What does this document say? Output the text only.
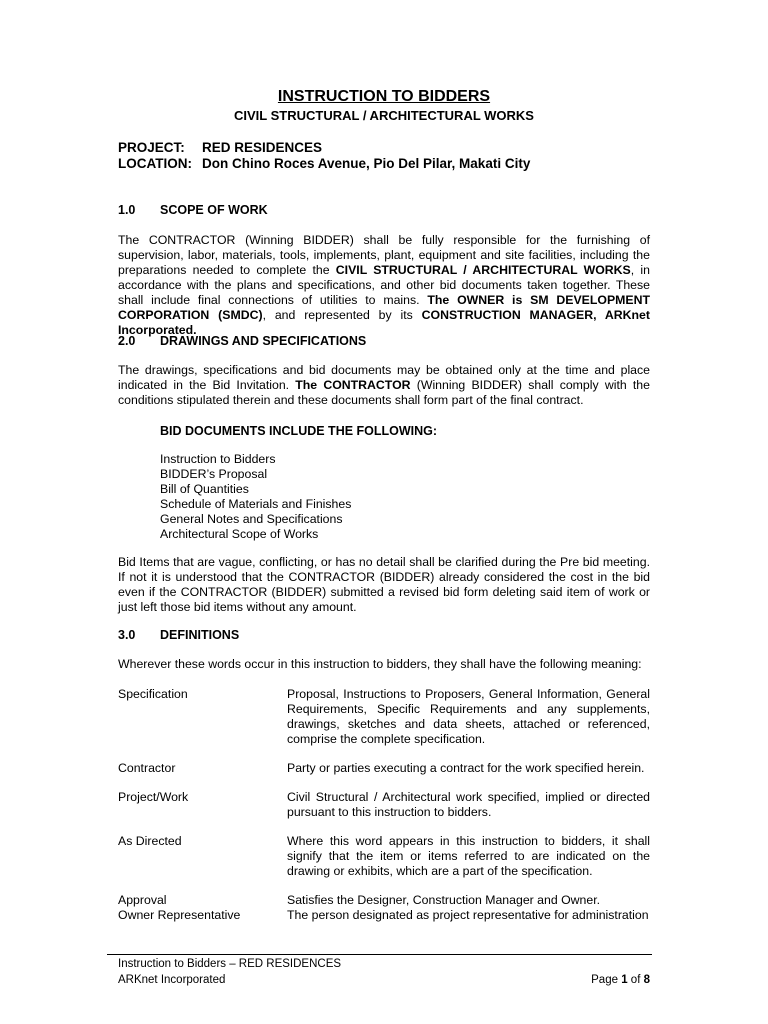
INSTRUCTION TO BIDDERS
CIVIL STRUCTURAL / ARCHITECTURAL WORKS
PROJECT: RED RESIDENCES
LOCATION: Don Chino Roces Avenue, Pio Del Pilar, Makati City
1.0 SCOPE OF WORK
The CONTRACTOR (Winning BIDDER) shall be fully responsible for the furnishing of supervision, labor, materials, tools, implements, plant, equipment and site facilities, including the preparations needed to complete the CIVIL STRUCTURAL / ARCHITECTURAL WORKS, in accordance with the plans and specifications, and other bid documents taken together. These shall include final connections of utilities to mains. The OWNER is SM DEVELOPMENT CORPORATION (SMDC), and represented by its CONSTRUCTION MANAGER, ARKnet Incorporated.
2.0 DRAWINGS AND SPECIFICATIONS
The drawings, specifications and bid documents may be obtained only at the time and place indicated in the Bid Invitation. The CONTRACTOR (Winning BIDDER) shall comply with the conditions stipulated therein and these documents shall form part of the final contract.
BID DOCUMENTS INCLUDE THE FOLLOWING:
Instruction to Bidders
BIDDER’s Proposal
Bill of Quantities
Schedule of Materials and Finishes
General Notes and Specifications
Architectural Scope of Works
Bid Items that are vague, conflicting, or has no detail shall be clarified during the Pre bid meeting. If not it is understood that the CONTRACTOR (BIDDER) already considered the cost in the bid even if the CONTRACTOR (BIDDER) submitted a revised bid form deleting said item of work or just left those bid items without any amount.
3.0 DEFINITIONS
Wherever these words occur in this instruction to bidders, they shall have the following meaning:
Specification	Proposal, Instructions to Proposers, General Information, General Requirements, Specific Requirements and any supplements, drawings, sketches and data sheets, attached or referenced, comprise the complete specification.
Contractor	Party or parties executing a contract for the work specified herein.
Project/Work	Civil Structural / Architectural work specified, implied or directed pursuant to this instruction to bidders.
As Directed	Where this word appears in this instruction to bidders, it shall signify that the item or items referred to are indicated on the drawing or exhibits, which are a part of the specification.
Approval	Satisfies the Designer, Construction Manager and Owner.
Owner Representative	The person designated as project representative for administration
Instruction to Bidders – RED RESIDENCES
ARKnet Incorporated	Page 1 of 8
